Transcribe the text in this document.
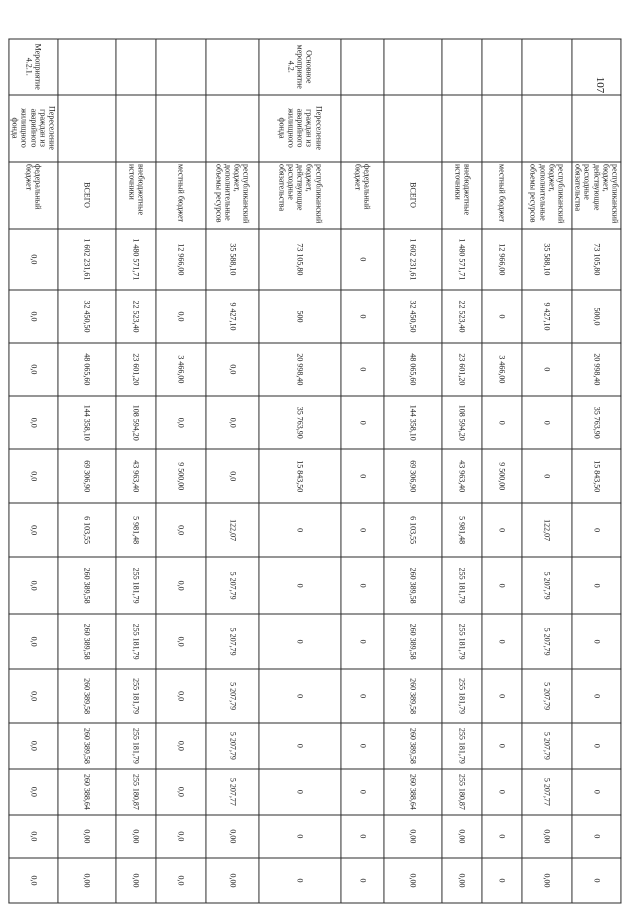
107
		республиканский бюджет, действующие расходные обязательства	73 105,80	500,0	20 998,40	35 763,90	15 843,50	0	0	0	0	0	0	0	0
		республиканский бюджет, дополнительные объемы ресурсов	35 588,10	9 427,10	0	0	0	122,07	5 207,79	5 207,79	5 207,79	5 207,79	5 207,77	0,00	0,00
		местный бюджет	12 966,00	0	3 466,00	0	9 500,00	0	0	0	0	0	0	0	0
		внебюджетные источники	1 480 571,71	22 523,40	23 601,20	108 594,20	43 963,40	5 981,48	255 181,79	255 181,79	255 181,79	255 181,79	255 180,87	0,00	0,00
		ВСЕГО	1 602 231,61	32 450,50	48 065,60	144 358,10	69 306,90	6 103,55	260 389,58	260 389,58	260 389,58	260 389,58	260 388,64	0,00	0,00
		федеральный бюджет	0	0	0	0	0	0	0	0	0	0	0	0	0
Основное мероприятие 4.2.	Переселение граждан из аварийного жилищного фонда	республиканский бюджет, действующие расходные обязательства	73 105,80	500	20 998,40	35 763,90	15 843,50	0	0	0	0	0	0	0	0
		республиканский бюджет, дополнительные объемы ресурсов	35 588,10	9 427,10	0,0	0,0	0,0	122,07	5 207,79	5 207,79	5 207,79	5 207,79	5 207,77	0,00	0,00
		местный бюджет	12 966,00	0,0	3 466,00	0,0	9 500,00	0,0	0,0	0,0	0,0	0,0	0,0	0,0	0,0
		внебюджетные источники	1 480 571,71	22 523,40	23 601,20	108 594,20	43 963,40	5 981,48	255 181,79	255 181,79	255 181,79	255 181,79	255 180,87	0,00	0,00
		ВСЕГО	1 602 231,61	32 450,50	48 065,60	144 358,10	69 306,90	6 103,55	260 389,58	260 389,58	260 389,58	260 389,58	260 388,64	0,00	0,00
Мероприятие 4.2.1.	Переселение граждан из аварийного жилищного фонда	федеральный бюджет	0,0	0,0	0,0	0,0	0,0	0,0	0,0	0,0	0,0	0,0	0,0	0,0	0,0
